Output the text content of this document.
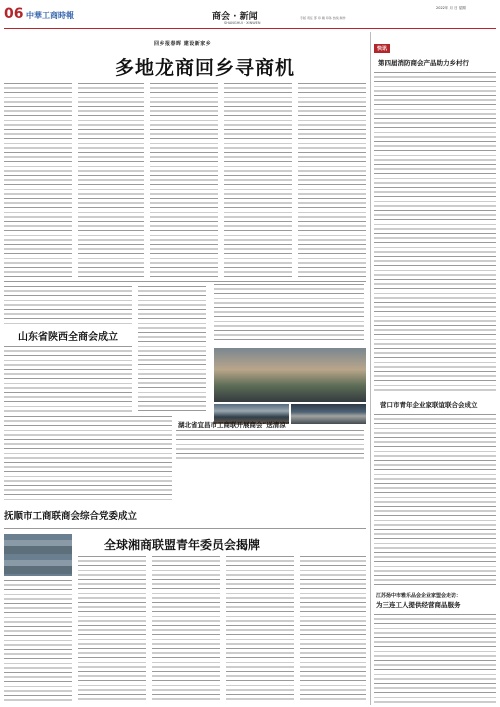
06 中華工商時報	商会 · 新闻
SHANGHUI · XINWEN
2022年 月 日 星期
专版 责任 部 印 刷 印务 热线 制作
回乡报春晖 建设新家乡
多地龙商回乡寻商机
山东省陕西全商会成立
湖北省宜昌市工商联开展商会“送清凉”
抚顺市工商联商会综合党委成立
全球湘商联盟青年委员会揭牌
快讯
第四届消防商会产品助力乡村行
营口市青年企业家联谊联合会成立
江苏扬中市雅乐品会企业家盟会走访：
为三连工人提供经营商品服务
